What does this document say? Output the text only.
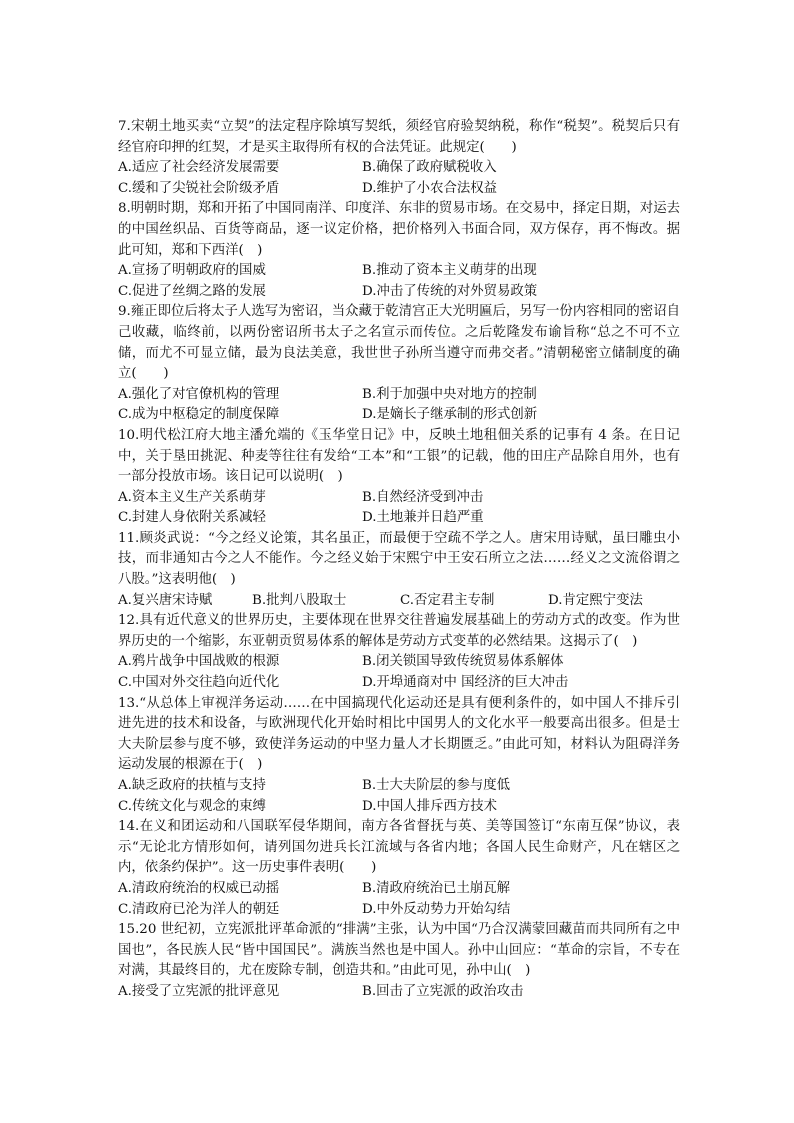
7.宋朝土地买卖“立契”的法定程序除填写契纸，须经官府验契纳税，称作“税契”。税契后只有经官府印押的红契，才是买主取得所有权的合法凭证。此规定(　　)

A.适应了社会经济发展需要	B.确保了政府赋税收入
C.缓和了尖锐社会阶级矛盾	D.维护了小农合法权益

8.明朝时期，郑和开拓了中国同南洋、印度洋、东非的贸易市场。在交易中，择定日期，对运去的中国丝织品、百货等商品，逐一议定价格，把价格列入书面合同，双方保存，再不悔改。据此可知，郑和下西洋(　)

A.宣扬了明朝政府的国威	B.推动了资本主义萌芽的出现
C.促进了丝绸之路的发展	D.冲击了传统的对外贸易政策

9.雍正即位后将太子人选写为密诏，当众藏于乾清宫正大光明匾后，另写一份内容相同的密诏自己收藏，临终前，以两份密诏所书太子之名宣示而传位。之后乾隆发布谕旨称“总之不可不立储，而尤不可显立储，最为良法美意，我世世子孙所当遵守而弗交者。”清朝秘密立储制度的确立(　　)

A.强化了对官僚机构的管理	B.利于加强中央对地方的控制
C.成为中枢稳定的制度保障	D.是嫡长子继承制的形式创新

10.明代松江府大地主潘允端的《玉华堂日记》中，反映土地租佃关系的记事有 4 条。在日记中，关于垦田挑泥、种麦等往往有发给“工本”和“工银”的记载，他的田庄产品除自用外，也有一部分投放市场。该日记可以说明(　)

A.资本主义生产关系萌芽	B.自然经济受到冲击
C.封建人身依附关系减轻	D.土地兼并日趋严重

11.顾炎武说：“今之经义论策，其名虽正，而最便于空疏不学之人。唐宋用诗赋，虽曰雕虫小技，而非通知古今之人不能作。今之经义始于宋熙宁中王安石所立之法……经义之文流俗谓之八股。”这表明他(　)

A.复兴唐宋诗赋	B.批判八股取士	C.否定君主专制	D.肯定熙宁变法

12.具有近代意义的世界历史，主要体现在世界交往普遍发展基础上的劳动方式的改变。作为世界历史的一个缩影，东亚朝贡贸易体系的解体是劳动方式变革的必然结果。这揭示了(　)

A.鸦片战争中国战败的根源	B.闭关锁国导致传统贸易体系解体
C.中国对外交往趋向近代化	D.开埠通商对中 国经济的巨大冲击

13.“从总体上审视洋务运动……在中国搞现代化运动还是具有便利条件的，如中国人不排斥引进先进的技术和设备，与欧洲现代化开始时相比中国男人的文化水平一般要高出很多。但是士大夫阶层参与度不够，致使洋务运动的中坚力量人才长期匮乏。”由此可知，材料认为阻碍洋务运动发展的根源在于(　)

A.缺乏政府的扶植与支持	B.士大夫阶层的参与度低
C.传统文化与观念的束缚	D.中国人排斥西方技术

14.在义和团运动和八国联军侵华期间，南方各省督抚与英、美等国签订“东南互保”协议，表示“无论北方情形如何，请列国勿进兵长江流域与各省内地；各国人民生命财产，凡在辖区之内，依条约保护”。这一历史事件表明(　　)

A.清政府统治的权威已动摇	B.清政府统治已土崩瓦解
C.清政府已沦为洋人的朝廷	D.中外反动势力开始勾结

15.20 世纪初，立宪派批评革命派的“排满”主张，认为中国“乃合汉满蒙回藏苗而共同所有之中国也”，各民族人民“皆中国国民”。满族当然也是中国人。孙中山回应：“革命的宗旨，不专在对满，其最终目的，尤在废除专制，创造共和。”由此可见，孙中山(　)

A.接受了立宪派的批评意见	B.回击了立宪派的政治攻击
